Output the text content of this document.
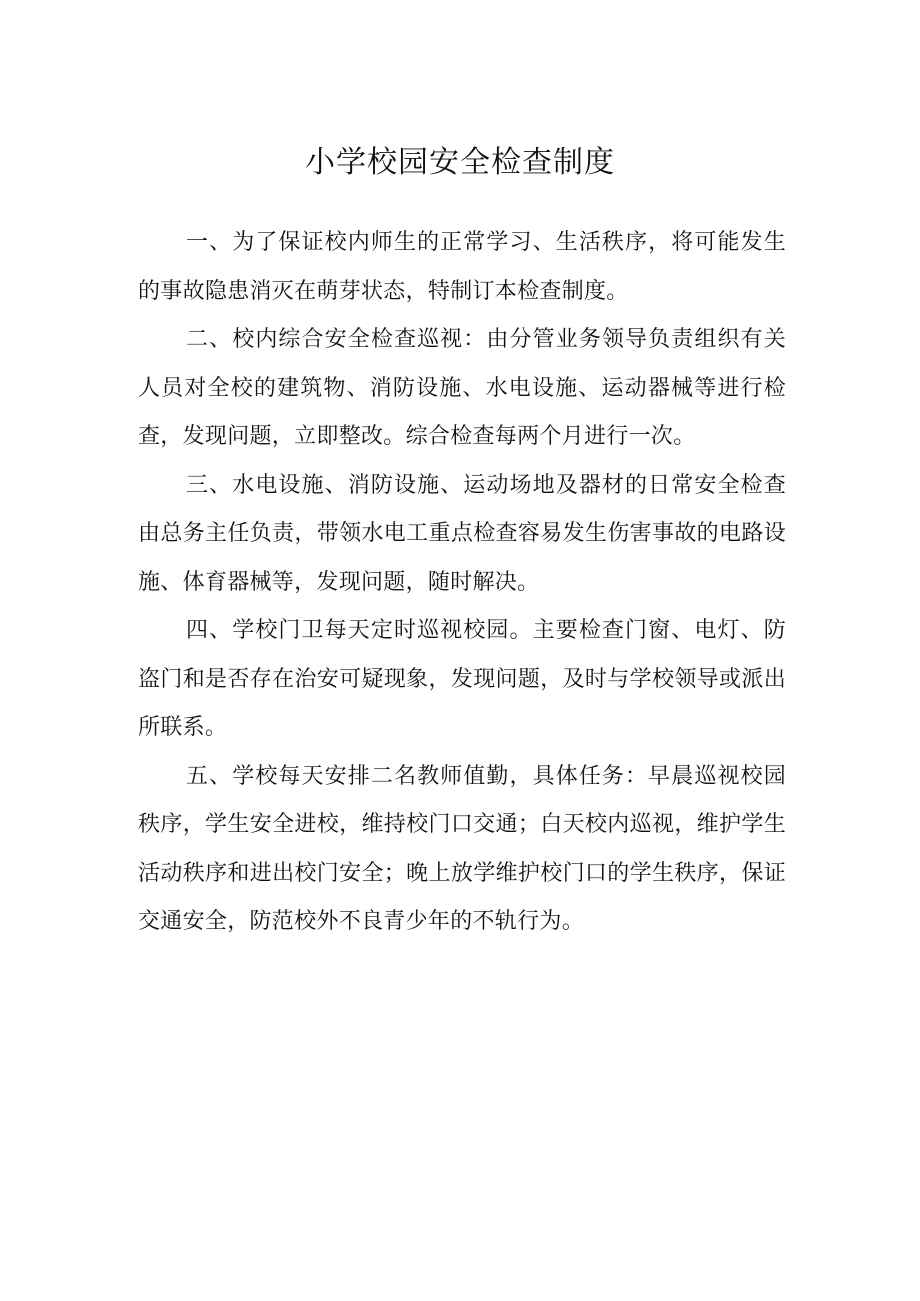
小学校园安全检查制度

一、为了保证校内师生的正常学习、生活秩序，将可能发生的事故隐患消灭在萌芽状态，特制订本检查制度。

二、校内综合安全检查巡视：由分管业务领导负责组织有关人员对全校的建筑物、消防设施、水电设施、运动器械等进行检查，发现问题，立即整改。综合检查每两个月进行一次。

三、水电设施、消防设施、运动场地及器材的日常安全检查由总务主任负责，带领水电工重点检查容易发生伤害事故的电路设施、体育器械等，发现问题，随时解决。

四、学校门卫每天定时巡视校园。主要检查门窗、电灯、防盗门和是否存在治安可疑现象，发现问题，及时与学校领导或派出所联系。

五、学校每天安排二名教师值勤，具体任务：早晨巡视校园秩序，学生安全进校，维持校门口交通；白天校内巡视，维护学生活动秩序和进出校门安全；晚上放学维护校门口的学生秩序，保证交通安全，防范校外不良青少年的不轨行为。
